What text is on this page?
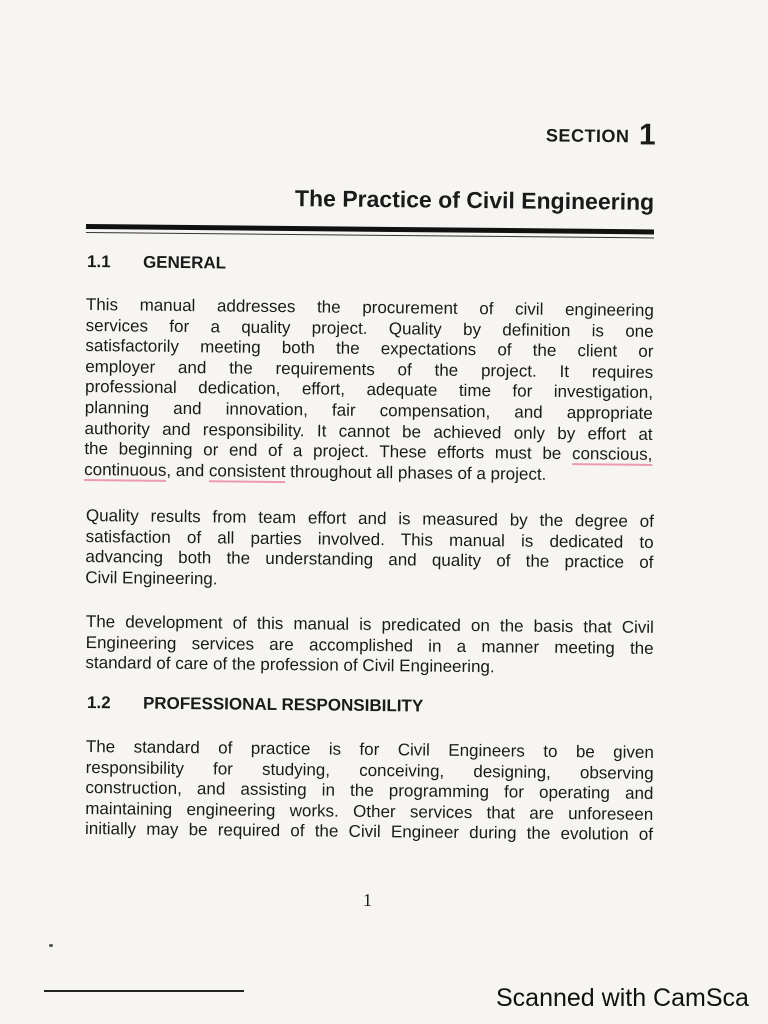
SECTION 1
The Practice of Civil Engineering
1.1 GENERAL
This manual addresses the procurement of civil engineering
services for a quality project. Quality by definition is one
satisfactorily meeting both the expectations of the client or
employer and the requirements of the project. It requires
professional dedication, effort, adequate time for investigation,
planning and innovation, fair compensation, and appropriate
authority and responsibility. It cannot be achieved only by effort at
the beginning or end of a project. These efforts must be conscious,
continuous, and consistent throughout all phases of a project.
Quality results from team effort and is measured by the degree of
satisfaction of all parties involved. This manual is dedicated to
advancing both the understanding and quality of the practice of
Civil Engineering.
The development of this manual is predicated on the basis that Civil
Engineering services are accomplished in a manner meeting the
standard of care of the profession of Civil Engineering.
1.2 PROFESSIONAL RESPONSIBILITY
The standard of practice is for Civil Engineers to be given
responsibility for studying, conceiving, designing, observing
construction, and assisting in the programming for operating and
maintaining engineering works. Other services that are unforeseen
initially may be required of the Civil Engineer during the evolution of
1
Scanned with CamSca
